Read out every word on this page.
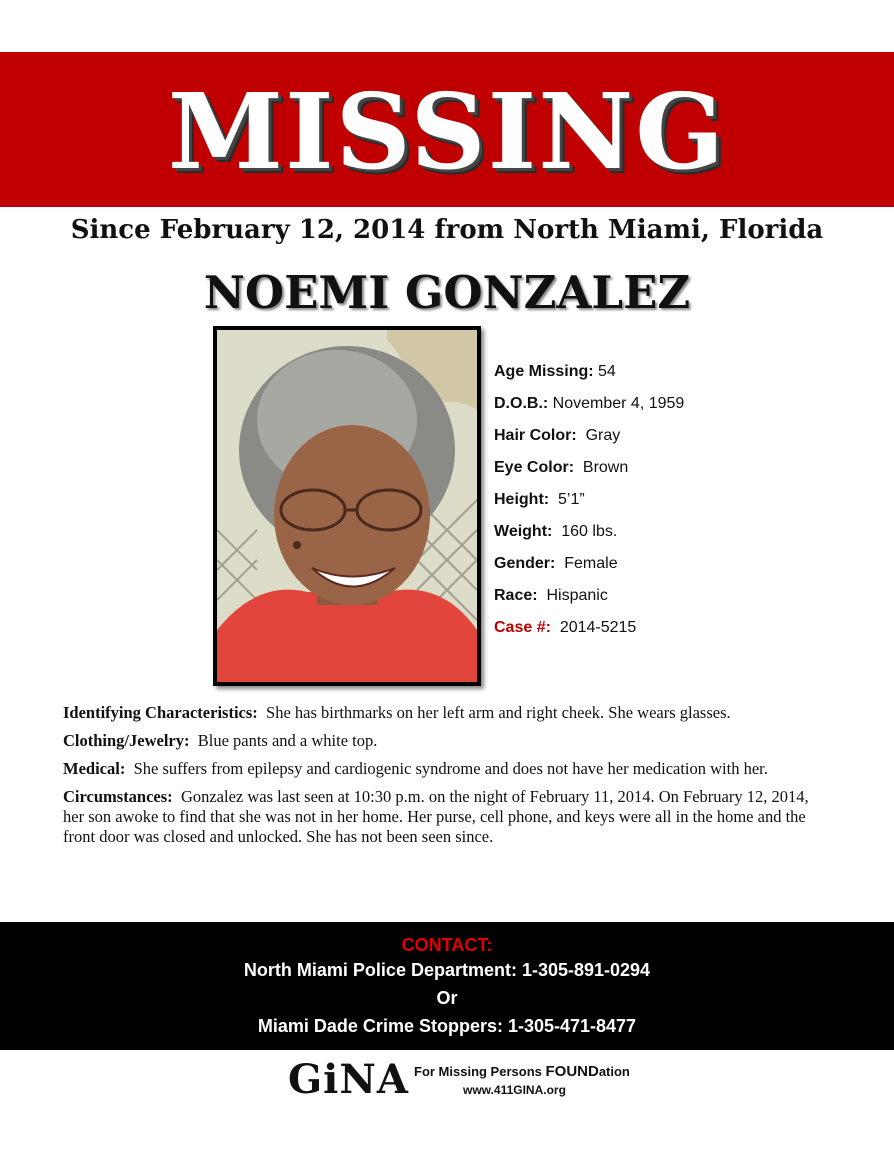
MISSING
Since February 12, 2014 from North Miami, Florida
NOEMI GONZALEZ
Age Missing: 54
D.O.B.: November 4, 1959
Hair Color: Gray
Eye Color: Brown
Height: 5’1”
Weight: 160 lbs.
Gender: Female
Race: Hispanic
Case #: 2014-5215

Identifying Characteristics: She has birthmarks on her left arm and right cheek. She wears glasses.

Clothing/Jewelry: Blue pants and a white top.

Medical: She suffers from epilepsy and cardiogenic syndrome and does not have her medication with her.

Circumstances: Gonzalez was last seen at 10:30 p.m. on the night of February 11, 2014. On February 12, 2014, her son awoke to find that she was not in her home. Her purse, cell phone, and keys were all in the home and the front door was closed and unlocked. She has not been seen since.

CONTACT:
North Miami Police Department: 1-305-891-0294
Or
Miami Dade Crime Stoppers: 1-305-471-8477
GiNA For Missing Persons FOUNDation
www.411GINA.org
